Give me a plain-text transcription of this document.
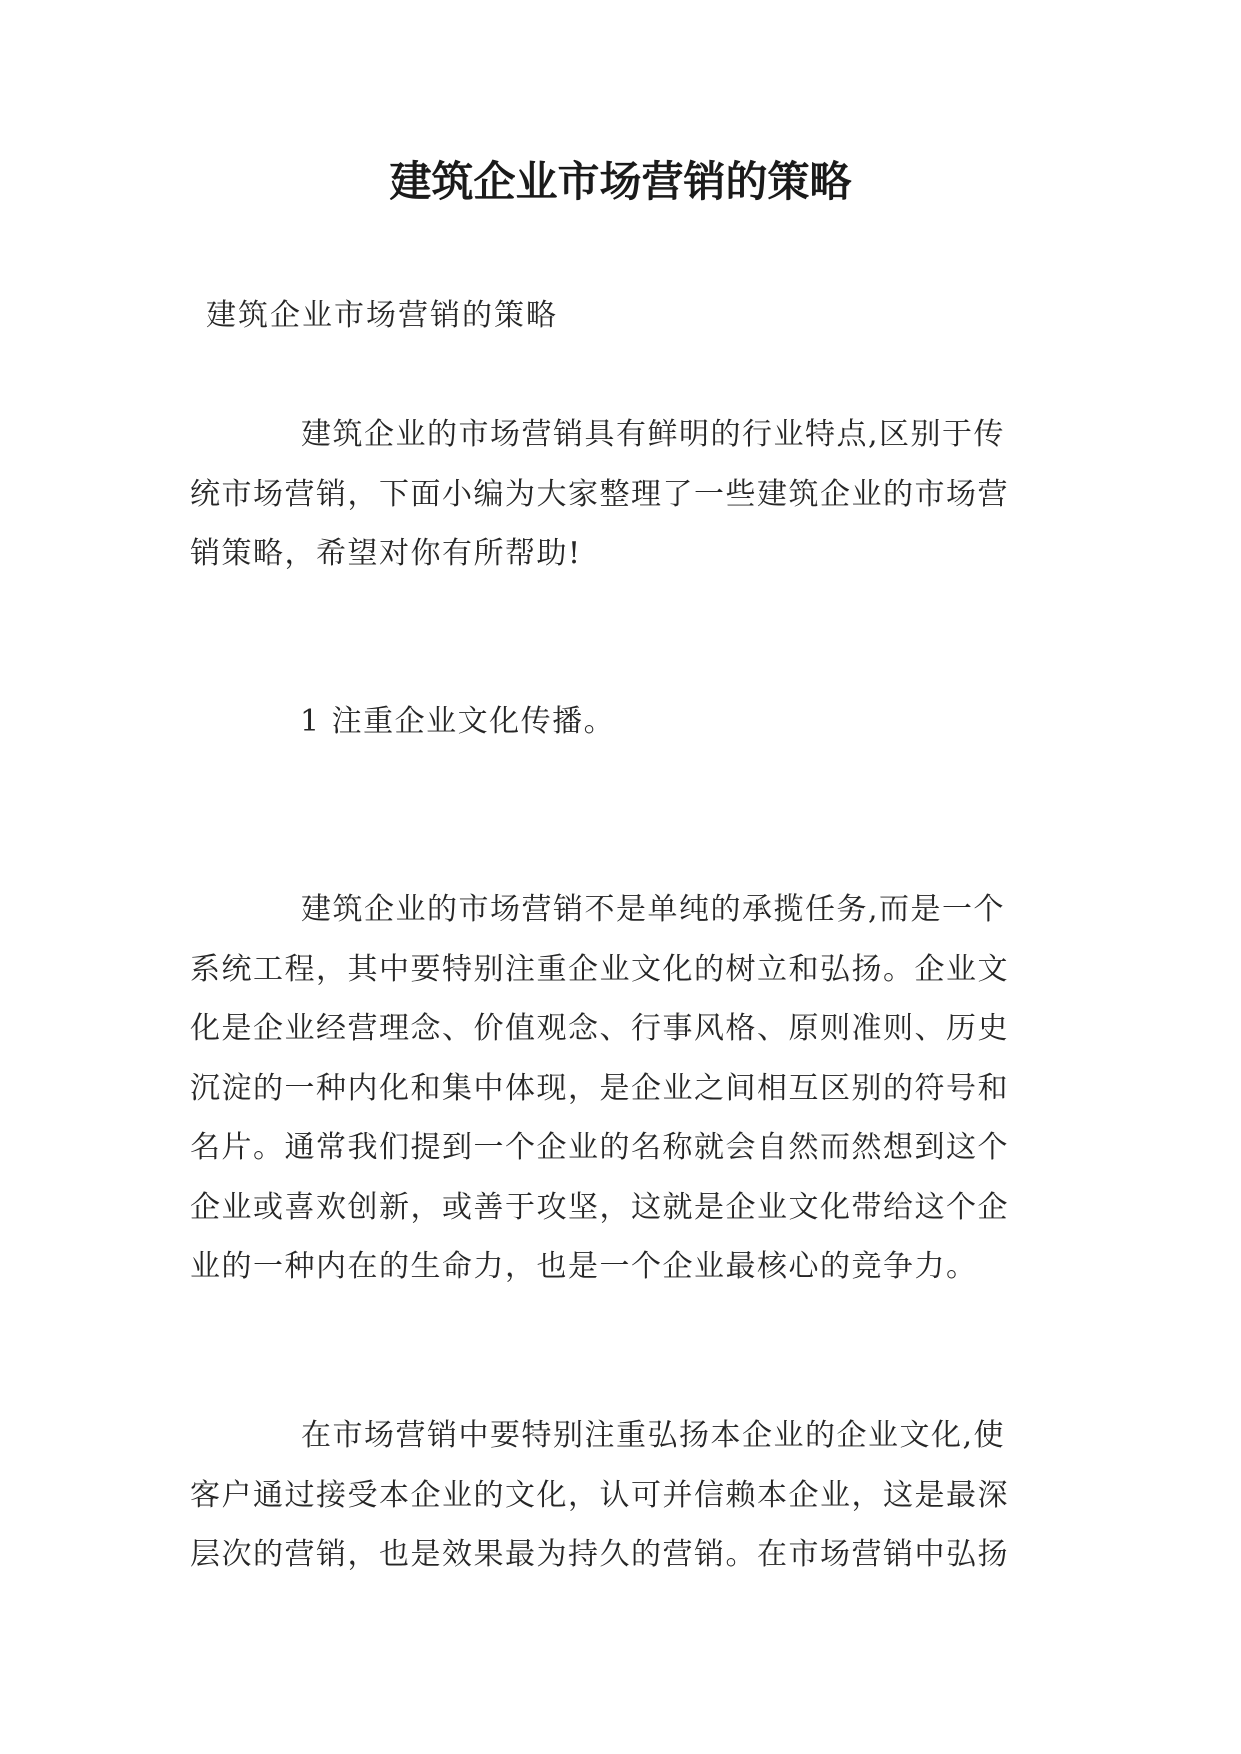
建筑企业市场营销的策略

建筑企业市场营销的策略

建筑企业的市场营销具有鲜明的行业特点,区别于传
统市场营销，下面小编为大家整理了一些建筑企业的市场营
销策略，希望对你有所帮助!

1 注重企业文化传播。

建筑企业的市场营销不是单纯的承揽任务,而是一个
系统工程，其中要特别注重企业文化的树立和弘扬。企业文
化是企业经营理念、价值观念、行事风格、原则准则、历史
沉淀的一种内化和集中体现，是企业之间相互区别的符号和
名片。通常我们提到一个企业的名称就会自然而然想到这个
企业或喜欢创新，或善于攻坚，这就是企业文化带给这个企
业的一种内在的生命力，也是一个企业最核心的竞争力。
在市场营销中要特别注重弘扬本企业的企业文化,使
客户通过接受本企业的文化，认可并信赖本企业，这是最深
层次的营销，也是效果最为持久的营销。在市场营销中弘扬
